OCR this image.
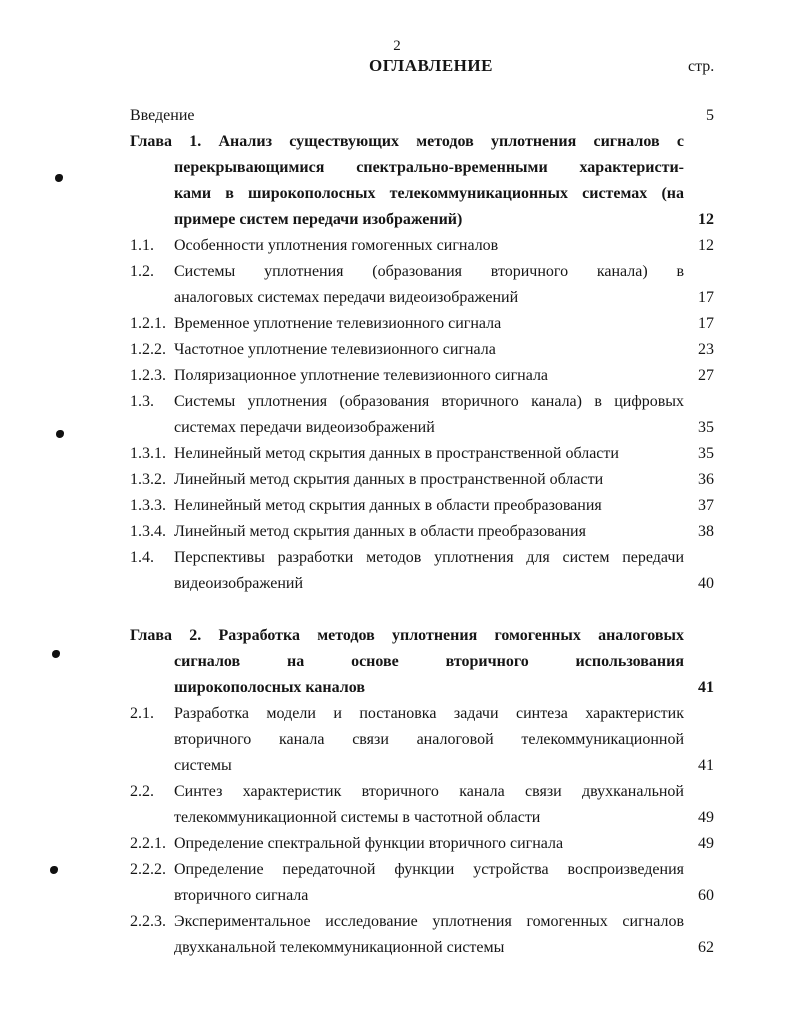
2
ОГЛАВЛЕНИЕ	стр.
Введение	5
Глава 1. Анализ существующих методов уплотнения сигналов с
перекрывающимися спектрально-временными характеристи-
ками в широкополосных телекоммуникационных системах (на
примере систем передачи изображений)	12
1.1. Особенности уплотнения гомогенных сигналов	12
1.2. Системы уплотнения (образования вторичного канала) в
аналоговых системах передачи видеоизображений	17
1.2.1. Временное уплотнение телевизионного сигнала	17
1.2.2. Частотное уплотнение телевизионного сигнала	23
1.2.3. Поляризационное уплотнение телевизионного сигнала	27
1.3. Системы уплотнения (образования вторичного канала) в цифровых
системах передачи видеоизображений	35
1.3.1. Нелинейный метод скрытия данных в пространственной области	35
1.3.2. Линейный метод скрытия данных в пространственной области	36
1.3.3. Нелинейный метод скрытия данных в области преобразования	37
1.3.4. Линейный метод скрытия данных в области преобразования	38
1.4. Перспективы разработки методов уплотнения для систем передачи
видеоизображений	40
Глава 2. Разработка методов уплотнения гомогенных аналоговых
сигналов на основе вторичного использования
широкополосных каналов	41
2.1. Разработка модели и постановка задачи синтеза характеристик
вторичного канала связи аналоговой телекоммуникационной
системы	41
2.2. Синтез характеристик вторичного канала связи двухканальной
телекоммуникационной системы в частотной области	49
2.2.1. Определение спектральной функции вторичного сигнала	49
2.2.2. Определение передаточной функции устройства воспроизведения
вторичного сигнала	60
2.2.3. Экспериментальное исследование уплотнения гомогенных сигналов
двухканальной телекоммуникационной системы	62
